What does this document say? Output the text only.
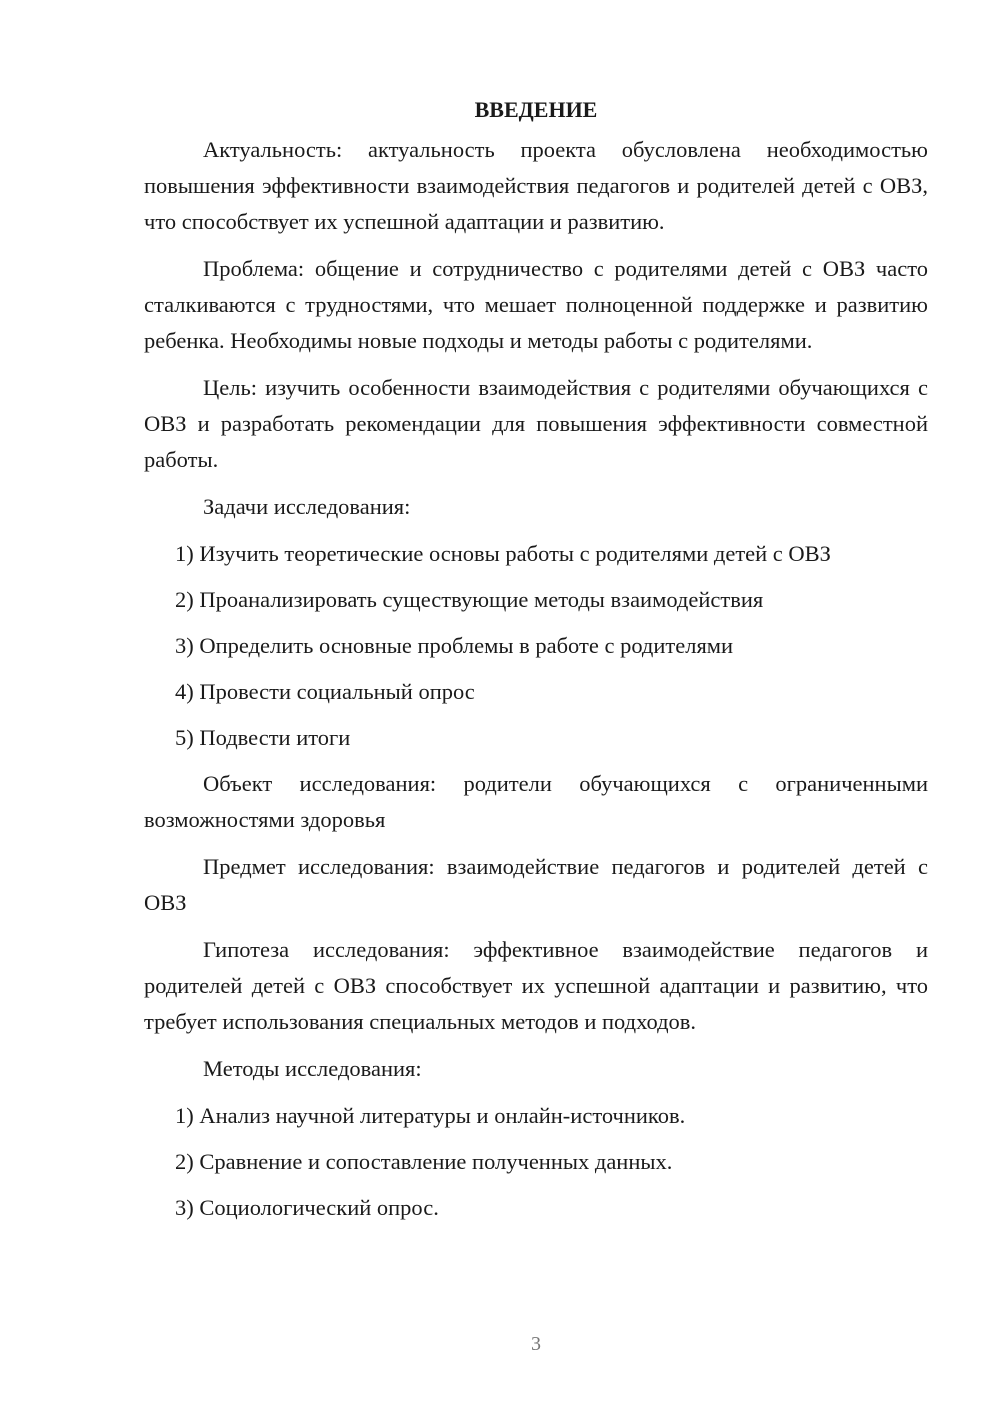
ВВЕДЕНИЕ

Актуальность: актуальность проекта обусловлена необходимостью повышения эффективности взаимодействия педагогов и родителей детей с ОВЗ, что способствует их успешной адаптации и развитию.

Проблема: общение и сотрудничество с родителями детей с ОВЗ часто сталкиваются с трудностями, что мешает полноценной поддержке и развитию ребенка. Необходимы новые подходы и методы работы с родителями.

Цель: изучить особенности взаимодействия с родителями обучающихся с ОВЗ и разработать рекомендации для повышения эффективности совместной работы.

Задачи исследования:

1) Изучить теоретические основы работы с родителями детей с ОВЗ
2) Проанализировать существующие методы взаимодействия
3) Определить основные проблемы в работе с родителями
4) Провести социальный опрос
5) Подвести итоги

Объект исследования: родители обучающихся с ограниченными возможностями здоровья

Предмет исследования: взаимодействие педагогов и родителей детей с ОВЗ

Гипотеза исследования: эффективное взаимодействие педагогов и родителей детей с ОВЗ способствует их успешной адаптации и развитию, что требует использования специальных методов и подходов.

Методы исследования:

1) Анализ научной литературы и онлайн-источников.
2) Сравнение и сопоставление полученных данных.
3) Социологический опрос.
3
